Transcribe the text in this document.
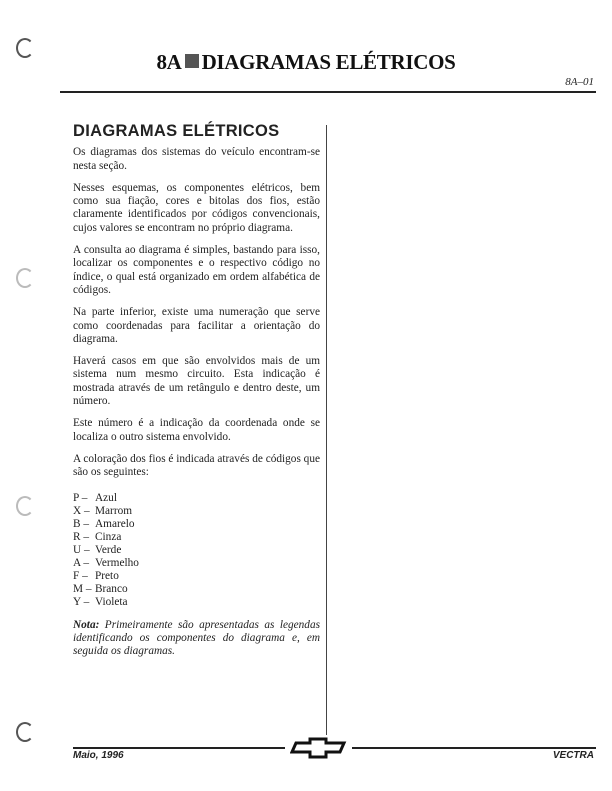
8A DIAGRAMAS ELÉTRICOS
8A–01
DIAGRAMAS ELÉTRICOS

Os diagramas dos sistemas do veículo encontram-se nesta seção.

Nesses esquemas, os componentes elétricos, bem como sua fiação, cores e bitolas dos fios, estão claramente identificados por códigos convencionais, cujos valores se encontram no próprio diagrama.

A consulta ao diagrama é simples, bastando para isso, localizar os componentes e o respectivo código no índice, o qual está organizado em ordem alfabética de códigos.

Na parte inferior, existe uma numeração que serve como coordenadas para facilitar a orientação do diagrama.

Haverá casos em que são envolvidos mais de um sistema num mesmo circuito. Esta indicação é mostrada através de um retângulo e dentro deste, um número.

Este número é a indicação da coordenada onde se localiza o outro sistema envolvido.

A coloração dos fios é indicada através de códigos que são os seguintes:

P – Azul
X – Marrom
B – Amarelo
R – Cinza
U – Verde
A – Vermelho
F – Preto
M – Branco
Y – Violeta

Nota: Primeiramente são apresentadas as legendas identificando os componentes do diagrama e, em seguida os diagramas.

Maio, 1996	VECTRA
